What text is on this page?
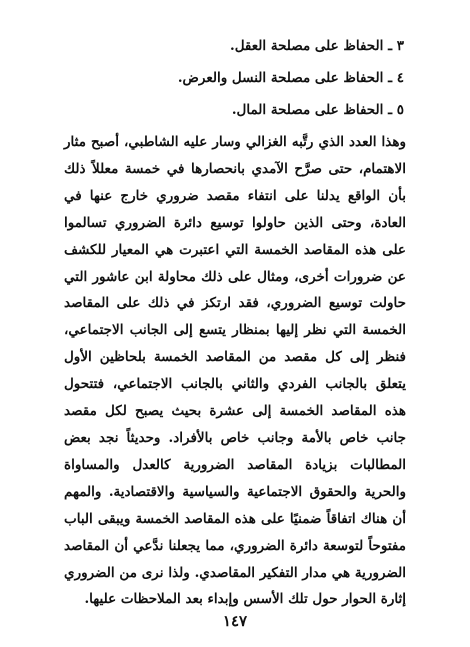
٣ ـ الحفاظ على مصلحة العقل.
٤ ـ الحفاظ على مصلحة النسل والعرض.
٥ ـ الحفاظ على مصلحة المال.

وهذا العدد الذي رتَّبه الغزالي وسار عليه الشاطبي، أصبح مثار الاهتمام، حتى صرَّح الآمدي بانحصارها في خمسة معللاً ذلك بأن الواقع يدلنا على انتفاء مقصد ضروري خارج عنها في العادة، وحتى الذين حاولوا توسيع دائرة الضروري تسالموا على هذه المقاصد الخمسة التي اعتبرت هي المعيار للكشف عن ضرورات أخرى، ومثال على ذلك محاولة ابن عاشور التي حاولت توسيع الضروري، فقد ارتكز في ذلك على المقاصد الخمسة التي نظر إليها بمنظار يتسع إلى الجانب الاجتماعي، فنظر إلى كل مقصد من المقاصد الخمسة بلحاظين الأول يتعلق بالجانب الفردي والثاني بالجانب الاجتماعي، فتتحول هذه المقاصد الخمسة إلى عشرة بحيث يصبح لكل مقصد جانب خاص بالأمة وجانب خاص بالأفراد. وحديثاً نجد بعض المطالبات بزيادة المقاصد الضرورية كالعدل والمساواة والحرية والحقوق الاجتماعية والسياسية والاقتصادية. والمهم أن هناك اتفاقاً ضمنيًا على هذه المقاصد الخمسة ويبقى الباب مفتوحاً لتوسعة دائرة الضروري، مما يجعلنا ندَّعي أن المقاصد الضرورية هي مدار التفكير المقاصدي. ولذا نرى من الضروري إثارة الحوار حول تلك الأسس وإبداء بعد الملاحظات عليها.

١٤٧
